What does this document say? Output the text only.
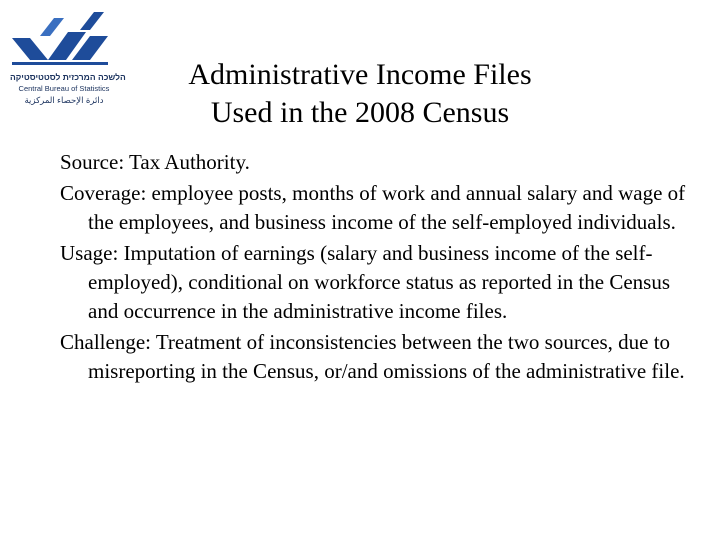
הלשכה המרכזית לסטטיסטיקה
Central Bureau of Statistics
دائرة الإحصاء المركزية
Administrative Income Files
Used in the 2008 Census

Source: Tax Authority.

Coverage: employee posts, months of work and annual salary and wage of the employees, and business income of the self-employed individuals.

Usage: Imputation of earnings (salary and business income of the self-employed), conditional on workforce status as reported in the Census and occurrence in the administrative income files.

Challenge: Treatment of inconsistencies between the two sources, due to misreporting in the Census, or/and omissions of the administrative file.
